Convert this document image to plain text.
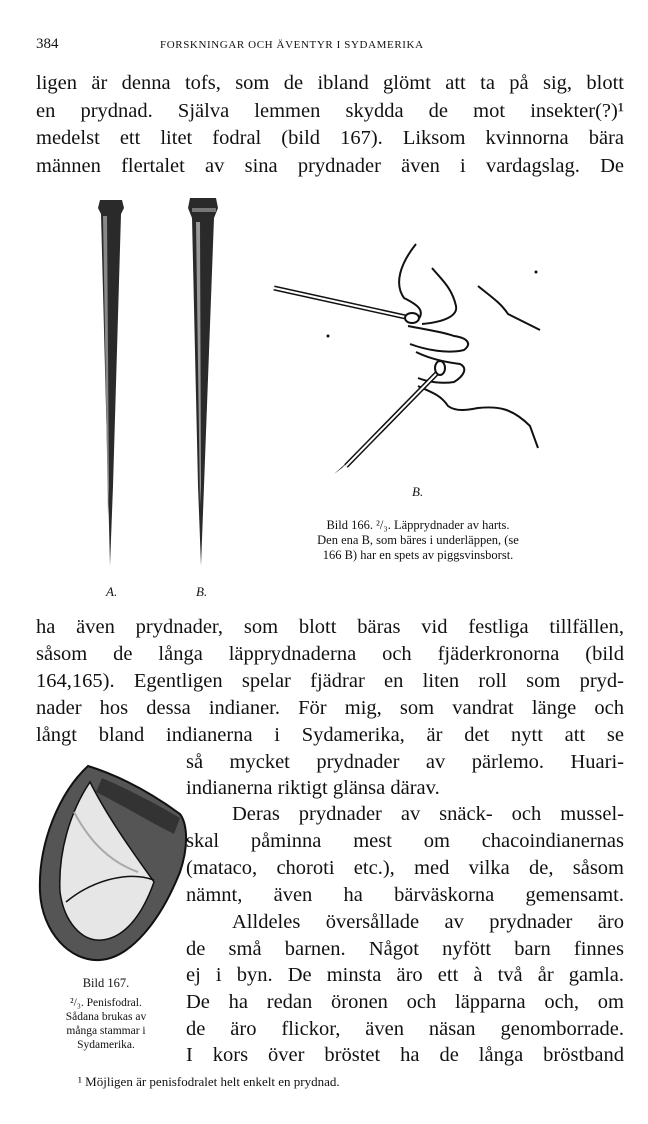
384	FORSKNINGAR OCH ÄVENTYR I SYDAMERIKA
ligen är denna tofs, som de ibland glömt att ta på sig, blott
en prydnad. Själva lemmen skydda de mot insekter(?)¹
medelst ett litet fodral (bild 167). Liksom kvinnorna bära
männen flertalet av sina prydnader även i vardagslag. De
A.	B.
B.
Bild 166. ²/₃. Läpprydnader av harts.
Den ena B, som bäres i underläppen, (se
166 B) har en spets av piggsvinsborst.
ha även prydnader, som blott bäras vid festliga tillfällen,
såsom de långa läpprydnaderna och fjäderkronorna (bild
164,165). Egentligen spelar fjädrar en liten roll som pryd-
nader hos dessa indianer. För mig, som vandrat länge och
långt bland indianerna i Sydamerika, är det nytt att se
Bild 167.
²/₃. Penisfodral.
Sådana brukas av
många stammar i
Sydamerika.
så mycket prydnader av pärlemo. Huari-
indianerna riktigt glänsa därav.
Deras prydnader av snäck- och mussel-
skal påminna mest om chacoindianernas
(mataco, choroti etc.), med vilka de, såsom
nämnt, även ha bärväskorna gemensamt.
Alldeles översållade av prydnader äro
de små barnen. Något nyfött barn finnes
ej i byn. De minsta äro ett à två år gamla.
De ha redan öronen och läpparna och, om
de äro flickor, även näsan genomborrade.
I kors över bröstet ha de långa bröstband
¹ Möjligen är penisfodralet helt enkelt en prydnad.
